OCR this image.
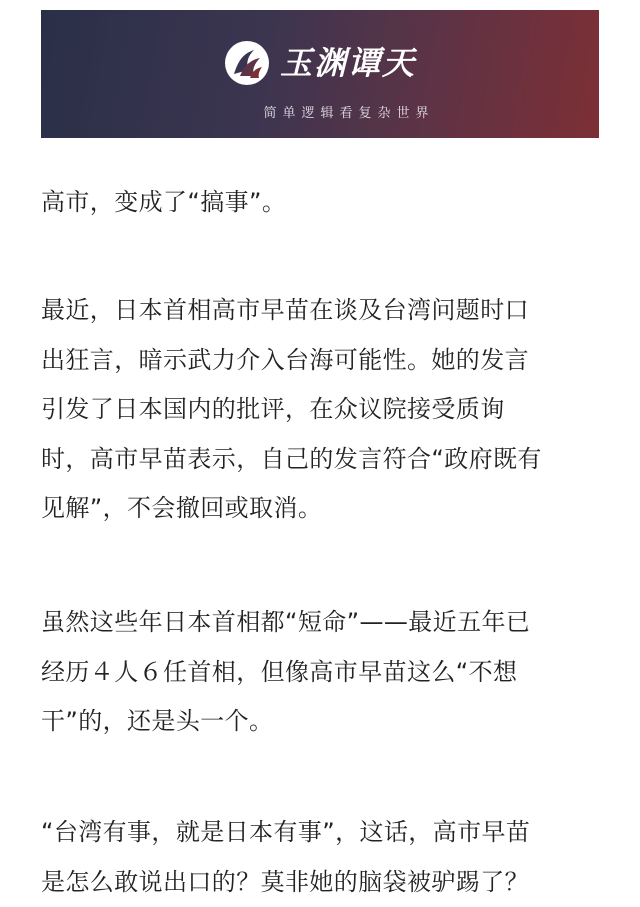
玉渊谭天
简单逻辑看复杂世界

高市，变成了“搞事”。

最近，日本首相高市早苗在谈及台湾问题时口
出狂言，暗示武力介入台海可能性。她的发言
引发了日本国内的批评，在众议院接受质询
时，高市早苗表示，自己的发言符合“政府既有
见解”，不会撤回或取消。

虽然这些年日本首相都“短命”——最近五年已
经历４人６任首相，但像高市早苗这么“不想
干”的，还是头一个。

“台湾有事，就是日本有事”，这话，高市早苗
是怎么敢说出口的？莫非她的脑袋被驴踢了？
